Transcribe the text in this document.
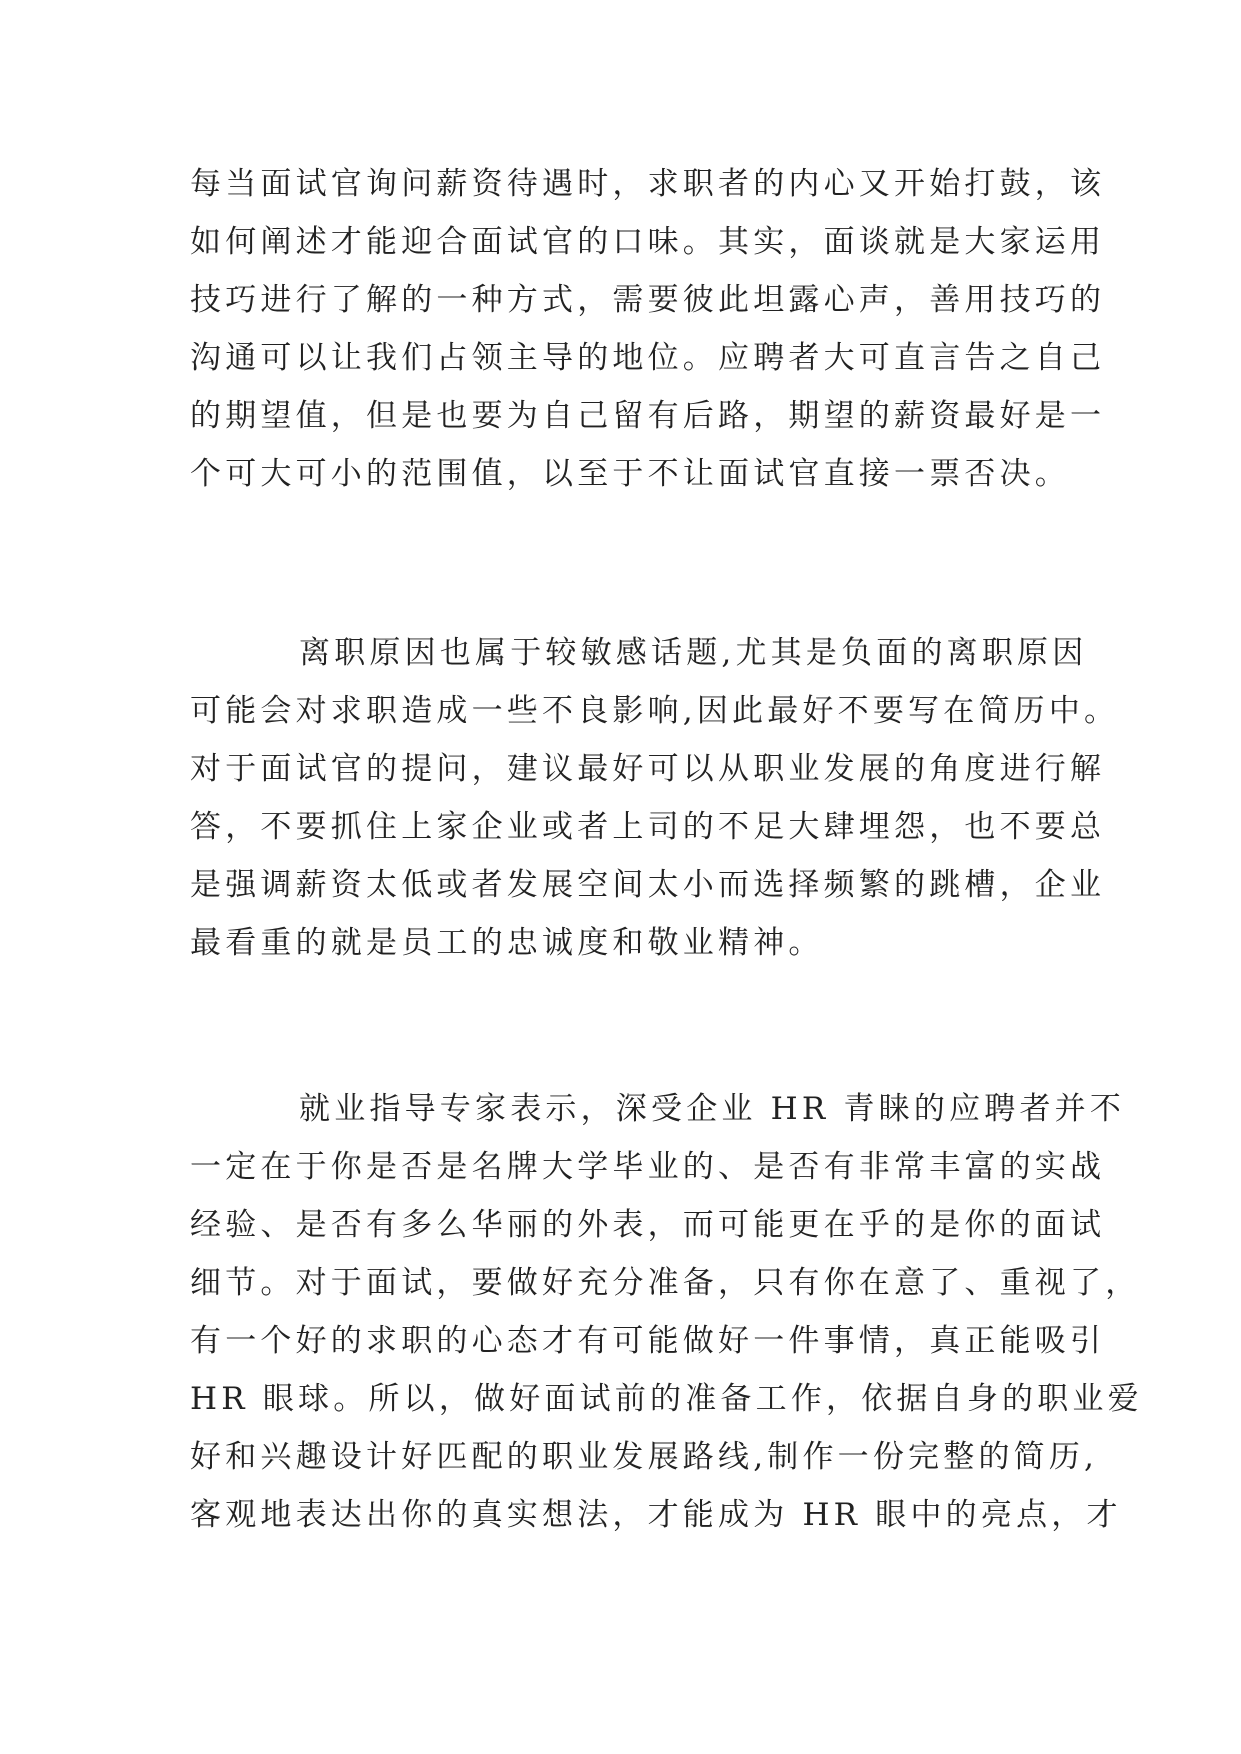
每当面试官询问薪资待遇时，求职者的内心又开始打鼓，该
如何阐述才能迎合面试官的口味。其实，面谈就是大家运用
技巧进行了解的一种方式，需要彼此坦露心声，善用技巧的
沟通可以让我们占领主导的地位。应聘者大可直言告之自己
的期望值，但是也要为自己留有后路，期望的薪资最好是一
个可大可小的范围值，以至于不让面试官直接一票否决。
离职原因也属于较敏感话题,尤其是负面的离职原因
可能会对求职造成一些不良影响,因此最好不要写在简历中。
对于面试官的提问，建议最好可以从职业发展的角度进行解
答，不要抓住上家企业或者上司的不足大肆埋怨，也不要总
是强调薪资太低或者发展空间太小而选择频繁的跳槽，企业
最看重的就是员工的忠诚度和敬业精神。
就业指导专家表示，深受企业 HR 青睐的应聘者并不
一定在于你是否是名牌大学毕业的、是否有非常丰富的实战
经验、是否有多么华丽的外表，而可能更在乎的是你的面试
细节。对于面试，要做好充分准备，只有你在意了、重视了，
有一个好的求职的心态才有可能做好一件事情，真正能吸引
HR 眼球。所以，做好面试前的准备工作，依据自身的职业爱
好和兴趣设计好匹配的职业发展路线,制作一份完整的简历,
客观地表达出你的真实想法，才能成为 HR 眼中的亮点，才
